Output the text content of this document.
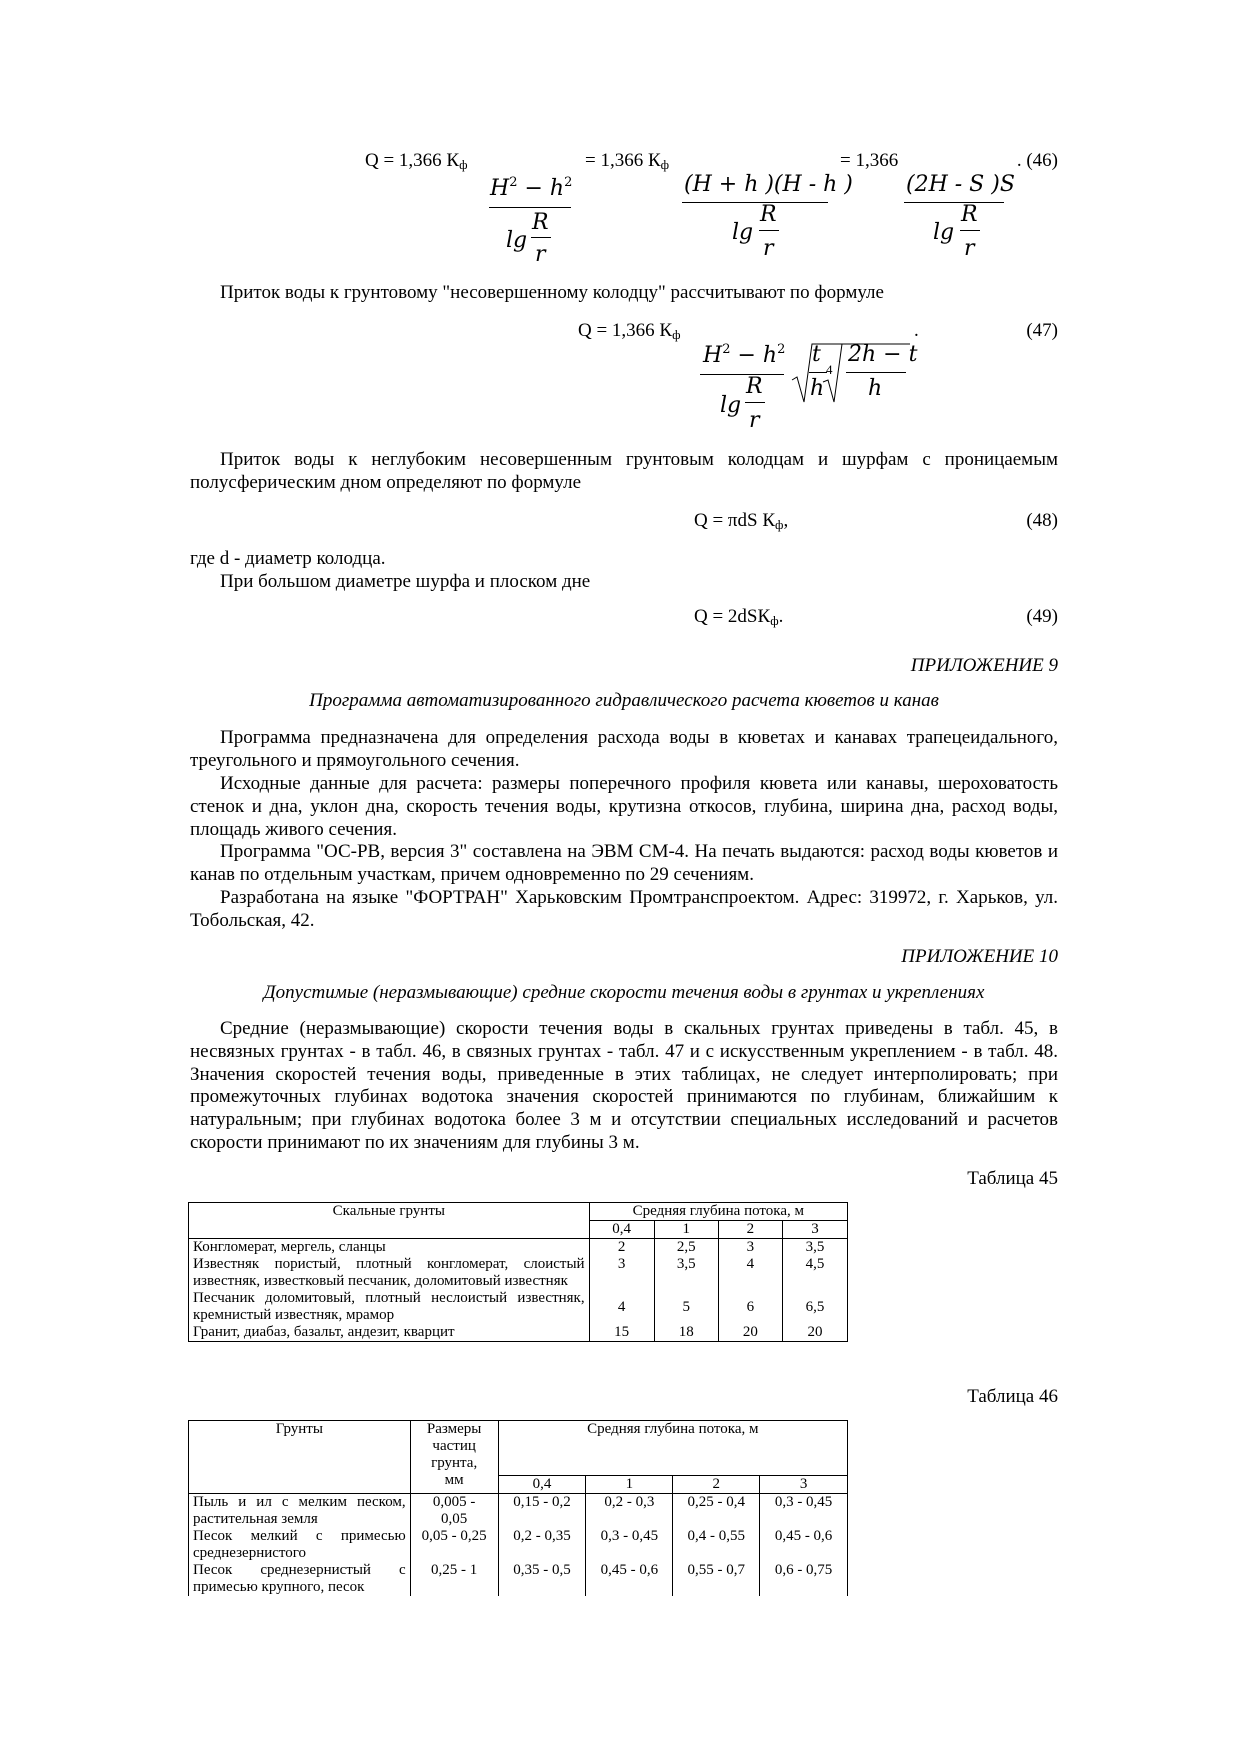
Q = 1,366 $К_ф$	= 1,366 $К_ф$	= 1,366	. (46)
$H^2 - h^2$
lg
R
r
(H + h )(H - h )
lg
R
r
(2H - S )S
lg
R
r
Приток воды к грунтовому "несовершенному колодцу" рассчитывают по формуле
Q = 1,366 $К_ф$	.	(47)
$H^2 - h^2$
lg
R
r
t
h
4
2h − t
h
Приток воды к неглубоким несовершенным грунтовым колодцам и шурфам с проницаемым полусферическим дном определяют по формуле
Q = πdS $К_ф$,	(48)
где d - диаметр колодца.
При большом диаметре шурфа и плоском дне
Q = 2dSК$_ф$.	(49)
ПРИЛОЖЕНИЕ 9
Программа автоматизированного гидравлического расчета кюветов и канав
Программа предназначена для определения расхода воды в кюветах и канавах трапецеидального, треугольного и прямоугольного сечения.
Исходные данные для расчета: размеры поперечного профиля кювета или канавы, шероховатость стенок и дна, уклон дна, скорость течения воды, крутизна откосов, глубина, ширина дна, расход воды, площадь живого сечения.
Программа "ОС-РВ, версия 3" составлена на ЭВМ СМ-4. На печать выдаются: расход воды кюветов и канав по отдельным участкам, причем одновременно по 29 сечениям.
Разработана на языке "ФОРТРАН" Харьковским Промтранспроектом. Адрес: 319972, г. Харьков, ул. Тобольская, 42.
ПРИЛОЖЕНИЕ 10
Допустимые (неразмывающие) средние скорости течения воды в грунтах и укреплениях
Средние (неразмывающие) скорости течения воды в скальных грунтах приведены в табл. 45, в несвязных грунтах - в табл. 46, в связных грунтах - табл. 47 и с искусственным укреплением - в табл. 48. Значения скоростей течения воды, приведенные в этих таблицах, не следует интерполировать; при промежуточных глубинах водотока значения скоростей принимаются по глубинам, ближайшим к натуральным; при глубинах водотока более 3 м и отсутствии специальных исследований и расчетов скорости принимают по их значениям для глубины 3 м.
Таблица 45
Скальные грунты	Средняя глубина потока, м			
	0,4	1	2	3
Конгломерат, мергель, сланцы	2	2,5	3	3,5
Известняк пористый, плотный конгломерат, слоистый известняк, известковый песчаник, доломитовый известняк	3	3,5	4	4,5
Песчаник доломитовый, плотный неслоистый известняк, кремнистый известняк, мрамор	4	5	6	6,5
Гранит, диабаз, базальт, андезит, кварцит	15	18	20	20
Таблица 46
Грунты	Размеры частиц грунта, мм	Средняя глубина потока, м			
		0,4	1	2	3
Пыль и ил с мелким песком, растительная земля	0,005 - 0,05	0,15 - 0,2	0,2 - 0,3	0,25 - 0,4	0,3 - 0,45
Песок мелкий с примесью среднезернистого	0,05 - 0,25	0,2 - 0,35	0,3 - 0,45	0,4 - 0,55	0,45 - 0,6
Песок среднезернистый с примесью крупного, песок	0,25 - 1	0,35 - 0,5	0,45 - 0,6	0,55 - 0,7	0,6 - 0,75
